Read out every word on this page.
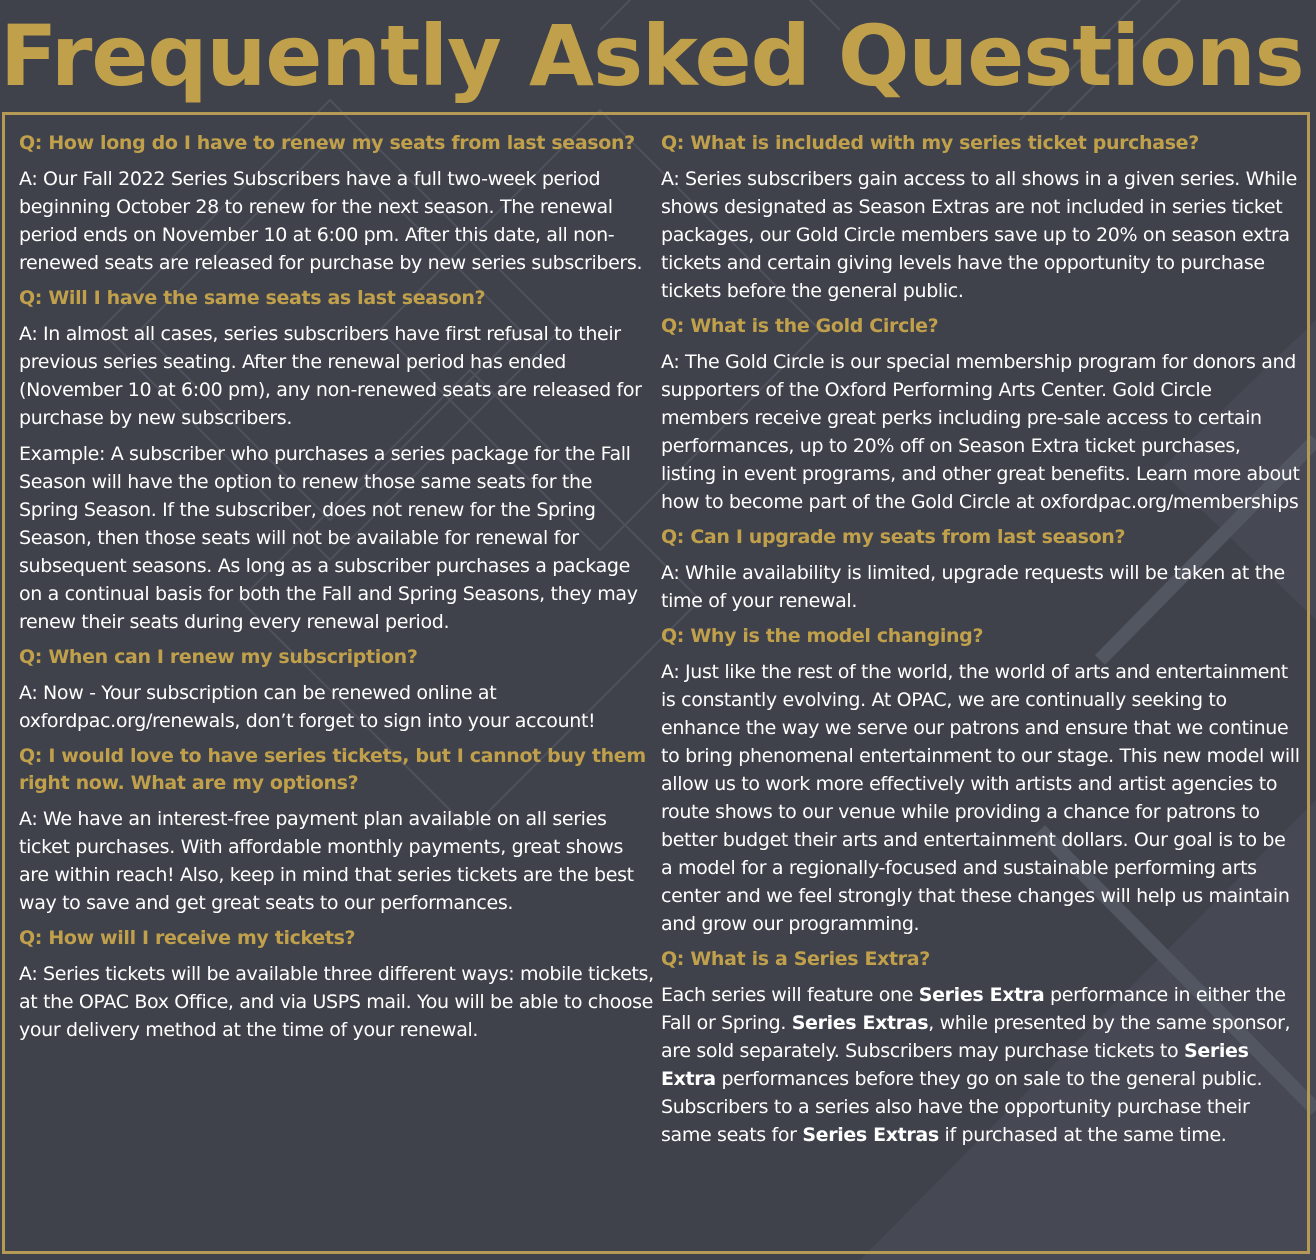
Frequently Asked Questions
Q: How long do I have to renew my seats from last season?
A: Our Fall 2022 Series Subscribers have a full two-week period beginning October 28 to renew for the next season. The renewal period ends on November 10 at 6:00 pm. After this date, all non-renewed seats are released for purchase by new series subscribers.
Q: Will I have the same seats as last season?
A: In almost all cases, series subscribers have first refusal to their previous series seating. After the renewal period has ended (November 10 at 6:00 pm), any non-renewed seats are released for purchase by new subscribers.
Example: A subscriber who purchases a series package for the Fall Season will have the option to renew those same seats for the Spring Season. If the subscriber, does not renew for the Spring Season, then those seats will not be available for renewal for subsequent seasons. As long as a subscriber purchases a package on a continual basis for both the Fall and Spring Seasons, they may renew their seats during every renewal period.
Q: When can I renew my subscription?
A: Now - Your subscription can be renewed online at oxfordpac.org/renewals, don’t forget to sign into your account!
Q: I would love to have series tickets, but I cannot buy them right now. What are my options?
A: We have an interest-free payment plan available on all series ticket purchases. With affordable monthly payments, great shows are within reach! Also, keep in mind that series tickets are the best way to save and get great seats to our performances.
Q: How will I receive my tickets?
A: Series tickets will be available three different ways: mobile tickets, at the OPAC Box Office, and via USPS mail. You will be able to choose your delivery method at the time of your renewal.
Q: What is included with my series ticket purchase?
A: Series subscribers gain access to all shows in a given series. While shows designated as Season Extras are not included in series ticket packages, our Gold Circle members save up to 20% on season extra tickets and certain giving levels have the opportunity to purchase tickets before the general public.
Q: What is the Gold Circle?
A: The Gold Circle is our special membership program for donors and supporters of the Oxford Performing Arts Center. Gold Circle members receive great perks including pre-sale access to certain performances, up to 20% off on Season Extra ticket purchases, listing in event programs, and other great benefits. Learn more about how to become part of the Gold Circle at oxfordpac.org/memberships
Q: Can I upgrade my seats from last season?
A: While availability is limited, upgrade requests will be taken at the time of your renewal.
Q: Why is the model changing?
A: Just like the rest of the world, the world of arts and entertainment is constantly evolving. At OPAC, we are continually seeking to enhance the way we serve our patrons and ensure that we continue to bring phenomenal entertainment to our stage. This new model will allow us to work more effectively with artists and artist agencies to route shows to our venue while providing a chance for patrons to better budget their arts and entertainment dollars. Our goal is to be a model for a regionally-focused and sustainable performing arts center and we feel strongly that these changes will help us maintain and grow our programming.
Q: What is a Series Extra?
Each series will feature one Series Extra performance in either the Fall or Spring. Series Extras, while presented by the same sponsor, are sold separately. Subscribers may purchase tickets to Series Extra performances before they go on sale to the general public. Subscribers to a series also have the opportunity purchase their same seats for Series Extras if purchased at the same time.
